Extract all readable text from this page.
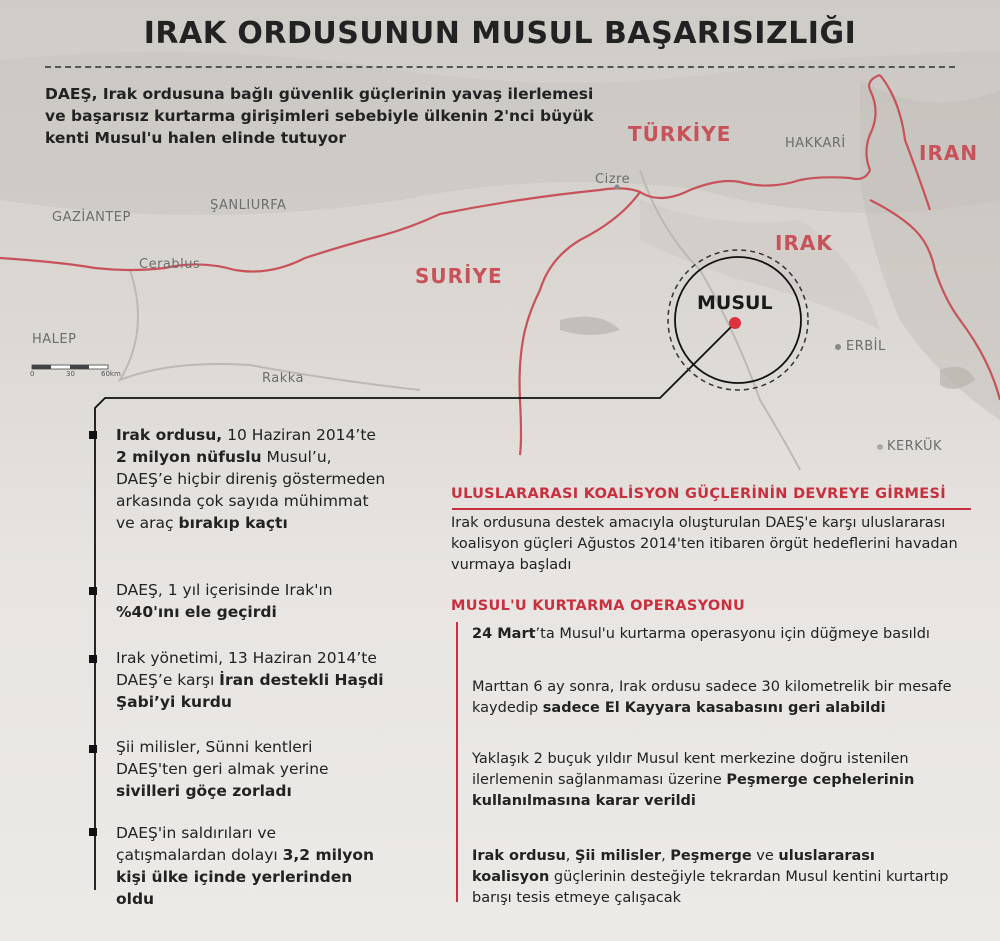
IRAK ORDUSUNUN MUSUL BAŞARISIZLIĞI
DAEŞ, Irak ordusuna bağlı güvenlik güçlerinin yavaş ilerlemesi ve başarısız kurtarma girişimleri sebebiyle ülkenin 2'nci büyük kenti Musul'u halen elinde tutuyor	TÜRKİYE
IRAN
IRAK
SURİYE
HAKKARİ
Cizre
GAZİANTEP
ŞANLIURFA
Cerablus
HALEP
Rakka
ERBİL
KERKÜK
MUSUL
0	30	60km
Irak ordusu, 10 Haziran 2014’te 2 milyon nüfuslu Musul’u, DAEŞ’e hiçbir direniş göstermeden arkasında çok sayıda mühimmat ve araç bırakıp kaçtı
DAEŞ, 1 yıl içerisinde Irak'ın %40'ını ele geçirdi
Irak yönetimi, 13 Haziran 2014’te DAEŞ’e karşı İran destekli Haşdi Şabi’yi kurdu
Şii milisler, Sünni kentleri DAEŞ'ten geri almak yerine sivilleri göçe zorladı
DAEŞ'in saldırıları ve çatışmalardan dolayı 3,2 milyon kişi ülke içinde yerlerinden oldu
ULUSLARARASI KOALİSYON GÜÇLERİNİN DEVREYE GİRMESİ
Irak ordusuna destek amacıyla oluşturulan DAEŞ'e karşı uluslararası koalisyon güçleri Ağustos 2014'ten itibaren örgüt hedeflerini havadan vurmaya başladı
MUSUL'U KURTARMA OPERASYONU
24 Mart’ta Musul'u kurtarma operasyonu için düğmeye basıldı
Marttan 6 ay sonra, Irak ordusu sadece 30 kilometrelik bir mesafe kaydedip sadece El Kayyara kasabasını geri alabildi
Yaklaşık 2 buçuk yıldır Musul kent merkezine doğru istenilen ilerlemenin sağlanmaması üzerine Peşmerge cephelerinin kullanılmasına karar verildi
Irak ordusu, Şii milisler, Peşmerge ve uluslararası koalisyon güçlerinin desteğiyle tekrardan Musul kentini kurtartıp barışı tesis etmeye çalışacak
